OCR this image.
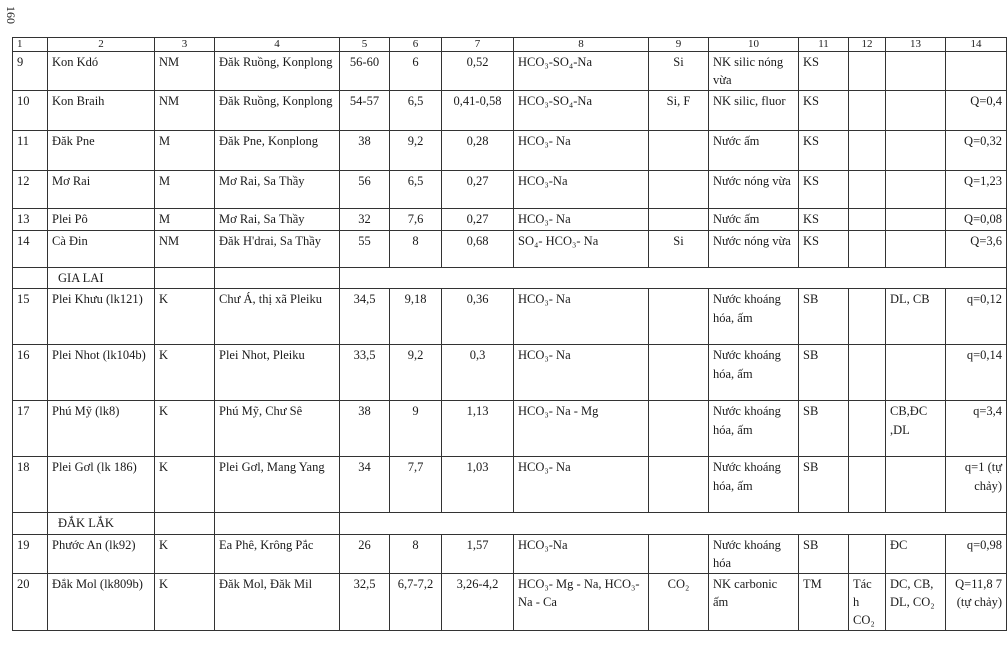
160
1	2	3	4	5	6	7	8	9	10	11	12	13	14
9	Kon Kdó	NM	Đăk Ruồng, Konplong	56-60	6	0,52	HCO₃-SO₄-Na	Si	NK silic nóng vừa	KS			
10	Kon Braih	NM	Đăk Ruồng, Konplong	54-57	6,5	0,41-0,58	HCO₃-SO₄-Na	Si, F	NK silic, fluor	KS			Q=0,4
11	Đăk Pne	M	Đăk Pne, Konplong	38	9,2	0,28	HCO₃- Na		Nước ấm	KS			Q=0,32
12	Mơ Rai	M	Mơ Rai, Sa Thầy	56	6,5	0,27	HCO₃-Na		Nước nóng vừa	KS			Q=1,23
13	Plei Pô	M	Mơ Rai, Sa Thầy	32	7,6	0,27	HCO₃- Na		Nước ấm	KS			Q=0,08
14	Cà Đin	NM	Đăk H'drai, Sa Thầy	55	8	0,68	SO₄- HCO₃- Na	Si	Nước nóng vừa	KS			Q=3,6
	GIA LAI												
15	Plei Khưu (lk121)	K	Chư Á, thị xã Pleiku	34,5	9,18	0,36	HCO₃- Na		Nước khoáng hóa, ấm	SB		DL, CB	q=0,12
16	Plei Nhot (lk104b)	K	Plei Nhot, Pleiku	33,5	9,2	0,3	HCO₃- Na		Nước khoáng hóa, ấm	SB			q=0,14
17	Phú Mỹ (lk8)	K	Phú Mỹ, Chư Sê	38	9	1,13	HCO₃- Na - Mg		Nước khoáng hóa, ấm	SB		CB,ĐC ,DL	q=3,4
18	Plei Gơl (lk 186)	K	Plei Gơl, Mang Yang	34	7,7	1,03	HCO₃- Na		Nước khoáng hóa, ấm	SB			q=1 (tự chảy)
	ĐẮK LẮK												
19	Phước An (lk92)	K	Ea Phê, Krông Pắc	26	8	1,57	HCO₃-Na		Nước khoáng hóa	SB		ĐC	q=0,98
20	Đắk Mol (lk809b)	K	Đăk Mol, Đăk Mil	32,5	6,7-7,2	3,26-4,2	HCO₃- Mg - Na, HCO₃- Na - Ca	CO₂	NK carbonic ấm	TM	Tác h CO₂	DC, CB, DL, CO₂	Q=11,8 7 (tự chảy)
